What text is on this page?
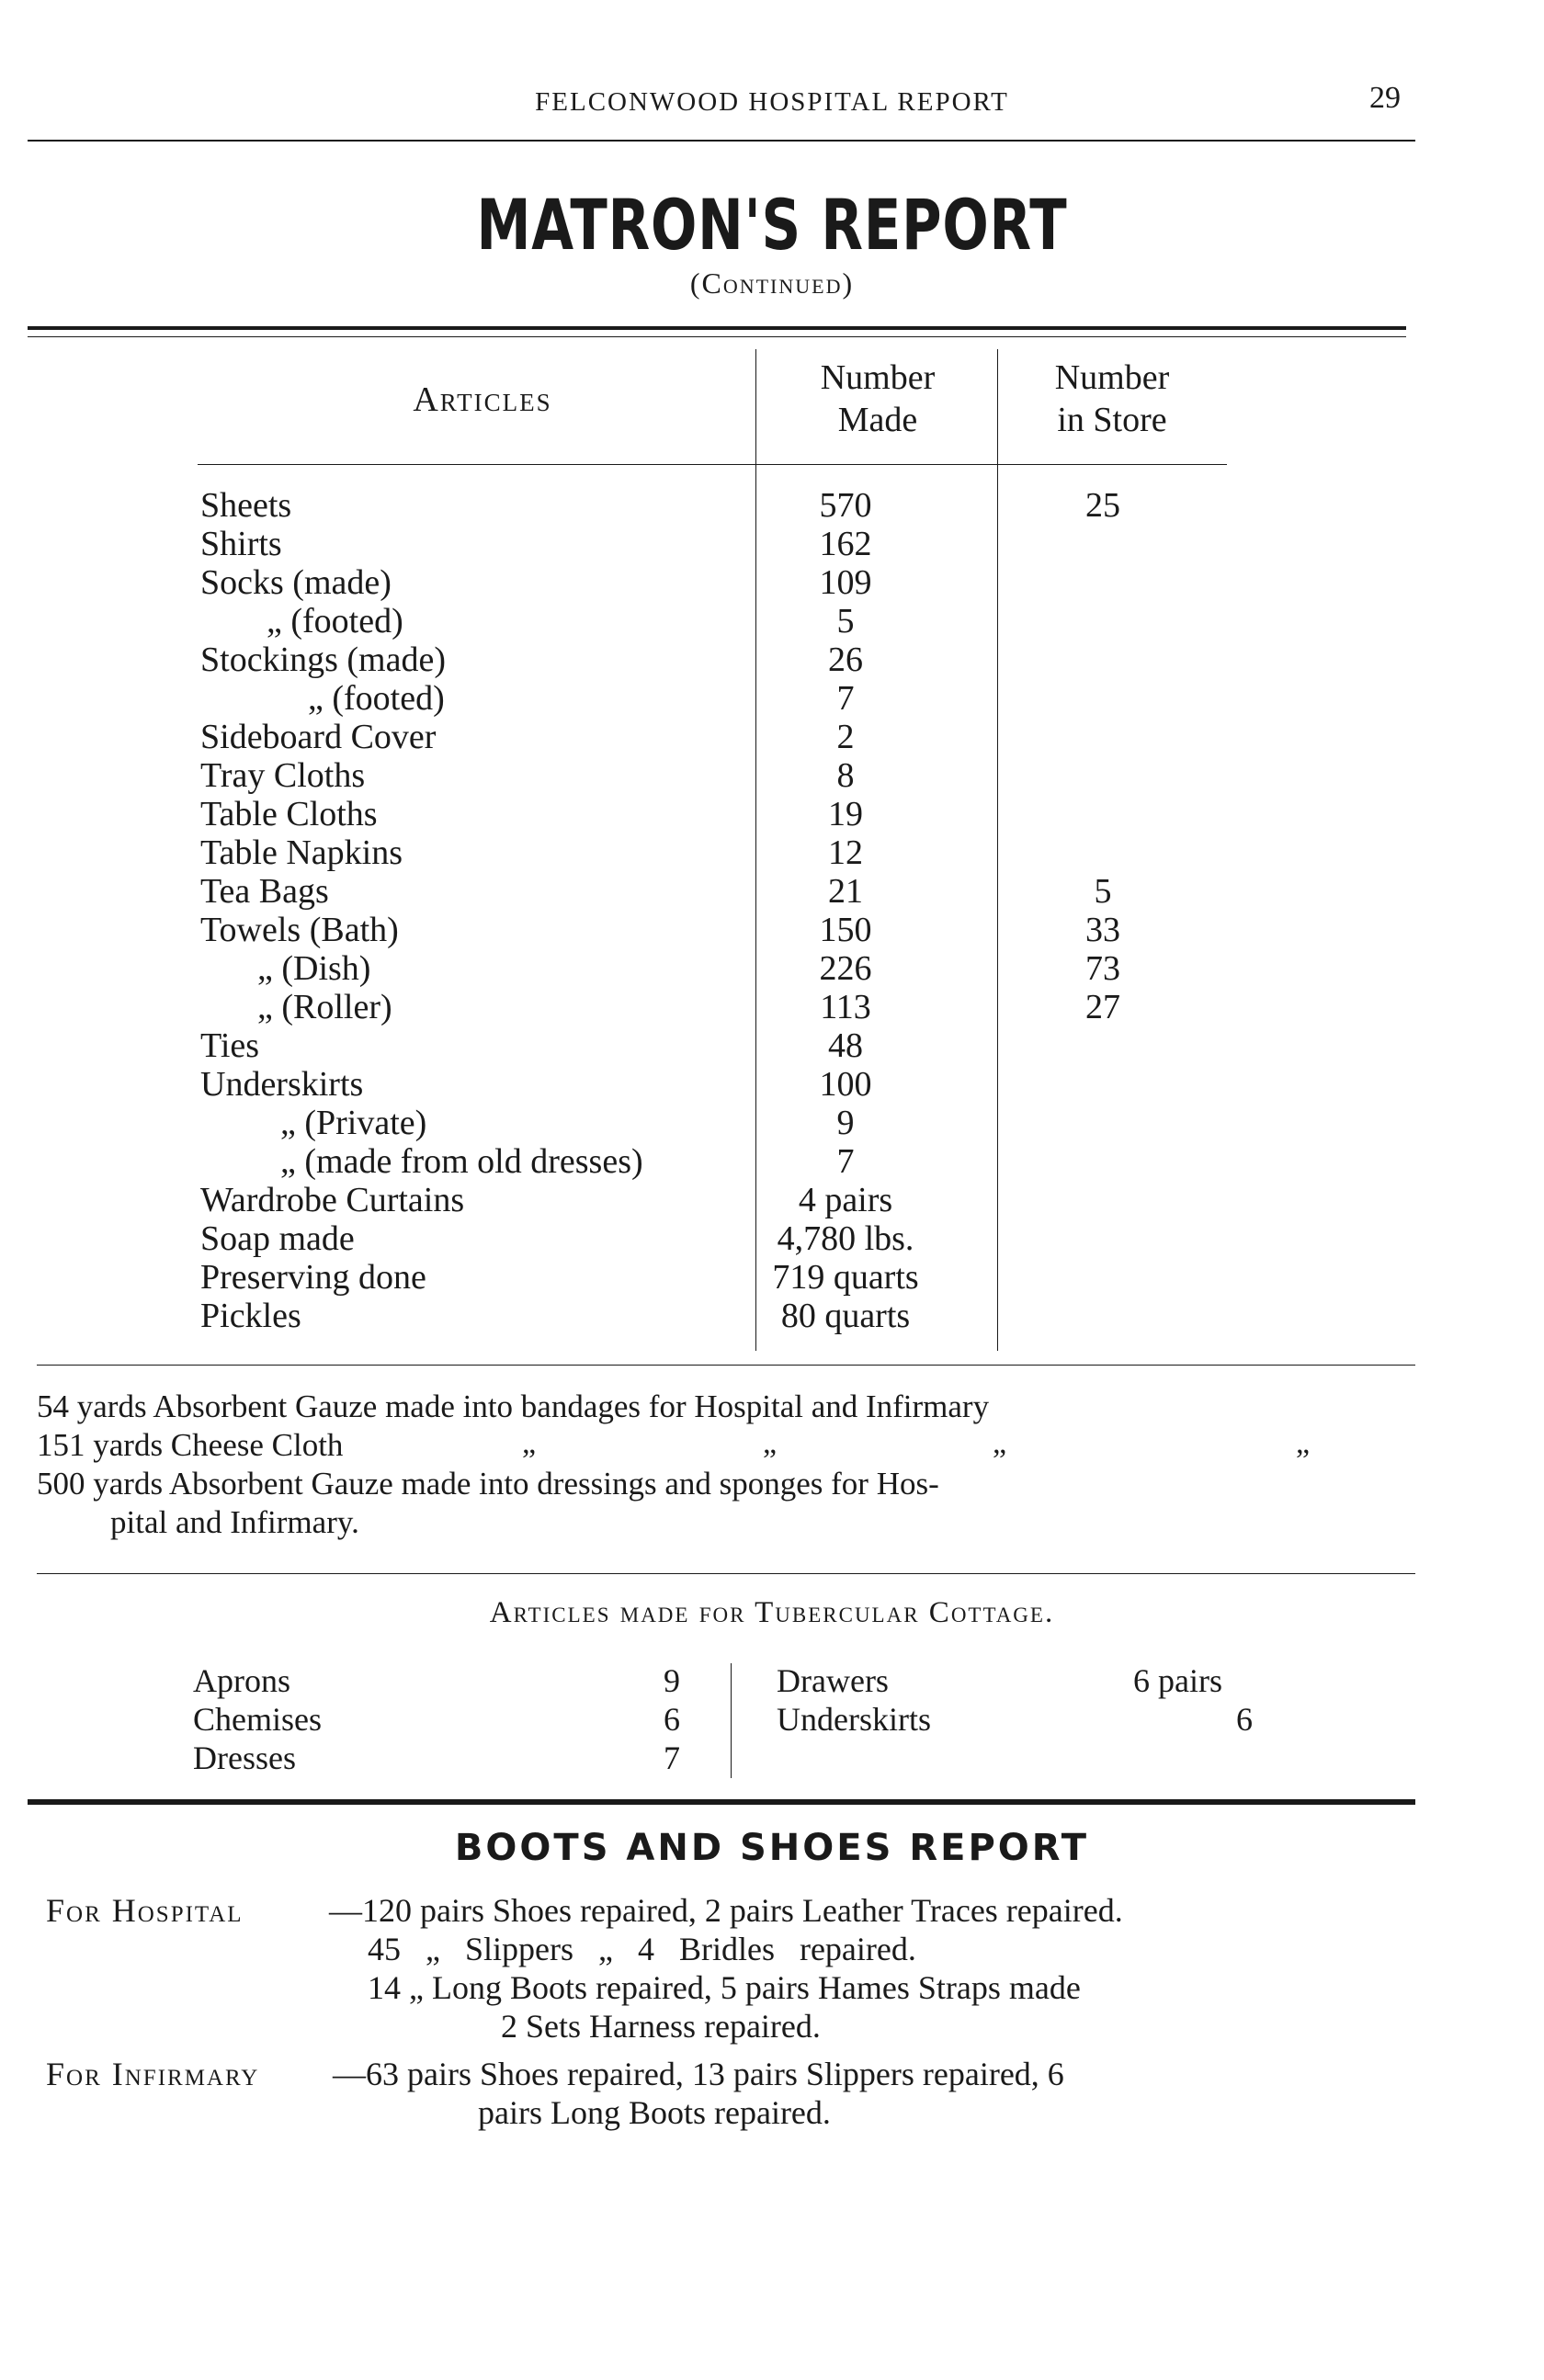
FELCONWOOD HOSPITAL REPORT	29
MATRON'S REPORT
(Continued)
Articles
Number
Made
Number
in Store
Sheets	570	25
Shirts	162
Socks (made)	109
„ (footed)	5
Stockings (made)	26
„ (footed)	7
Sideboard Cover	2
Tray Cloths	8
Table Cloths	19
Table Napkins	12
Tea Bags	21	5
Towels (Bath)	150	33
„ (Dish)	226	73
„ (Roller)	113	27
Ties	48
Underskirts	100
„ (Private)	9
„ (made from old dresses)	7
Wardrobe Curtains	4 pairs
Soap made	4,780 lbs.
Preserving done	719 quarts
Pickles	80 quarts
54 yards Absorbent Gauze made into bandages for Hospital and Infirmary
151 yards Cheese Cloth	„	„	„	„
500 yards Absorbent Gauze made into dressings and sponges for Hos-
pital and Infirmary.
Articles made for Tubercular Cottage.
Aprons	9
Chemises	6
Dresses	7
Drawers	6 pairs
Underskirts	6
BOOTS AND SHOES REPORT
For Hospital	—120 pairs Shoes repaired, 2 pairs Leather Traces repaired.
45 „ Slippers „ 4 Bridles repaired.
14 „ Long Boots repaired, 5 pairs Hames Straps made
2 Sets Harness repaired.
For Infirmary —63 pairs Shoes repaired, 13 pairs Slippers repaired, 6
pairs Long Boots repaired.
